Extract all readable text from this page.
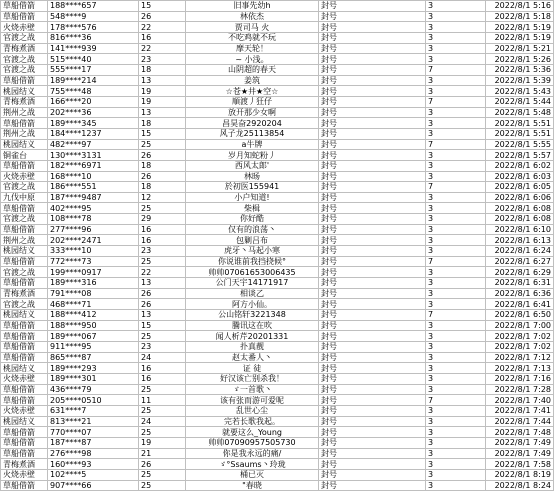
草船借箭	188****657	15	旧事先幼h	封号	3	2022/8/1 5:16
草船借箭	548****9	26	林依杰	封号	3	2022/8/1 5:18
火烧赤壁	178****576	22	贾司马 火	封号	3	2022/8/1 5:19
官渡之战	816****36	16	不吃鸡就不玩	封号	3	2022/8/1 5:19
青梅煮酒	141****939	22	摩天轮！	封号	3	2022/8/1 5:21
官渡之战	515****40	23	~ 小浅。	封号	3	2022/8/1 5:26
官渡之战	555****17	18	山阴超的春天	封号	7	2022/8/1 5:36
草船借箭	189****214	13	姜筑	封号	3	2022/8/1 5:39
桃园结义	755****48	19	☆苍★井★空☆	封号	3	2022/8/1 5:43
青梅煮酒	166****20	19	順渡丿狂仔	封号	7	2022/8/1 5:44
荆州之战	202****36	13	放开那少女啊	封号	3	2022/8/1 5:48
草船借箭	189****345	18	昌昊奋2920204	封号	3	2022/8/1 5:51
荆州之战	184****1237	15	风子龙25113854	封号	3	2022/8/1 5:51
桃园结义	482****97	25	a牛牌	封号	7	2022/8/1 5:55
铜雀台	130****3131	26	岁月知蛇粉丿	封号	3	2022/8/1 5:57
草船借箭	182****6971	18	西风太郎'	封号	3	2022/8/1 6:02
火烧赤壁	168****10	26	林旸	封号	3	2022/8/1 6:03
官渡之战	186****551	18	於初医155941	封号	7	2022/8/1 6:05
九伐中原	187****9487	12	小户知道!	封号	3	2022/8/1 6:06
草船借箭	402****95	25	柴楫	封号	3	2022/8/1 6:08
官渡之战	108****78	29	你好酷	封号	3	2022/8/1 6:08
草船借箭	277****96	16	仅有的浪荡丶	封号	3	2022/8/1 6:10
荆州之战	202****2471	16	包剿吕布	封号	3	2022/8/1 6:13
桃园结义	333****10	23	虎牙丶马起小寒	封号	3	2022/8/1 6:24
草船借箭	772****73	25	你说谁前我挡挠候°	封号	7	2022/8/1 6:27
官渡之战	199****0917	22	帅帅07061653006435	封号	3	2022/8/1 6:29
草船借箭	189****316	13	公门天宇14171917	封号	3	2022/8/1 6:31
青梅煮酒	791****08	26	相谈乙	封号	3	2022/8/1 6:36
官渡之战	468****71	26	阿方小仙。	封号	3	2022/8/1 6:41
桃园结义	188****412	13	公山铭轩3221348	封号	7	2022/8/1 6:50
草船借箭	188****950	15	騰讯这在吹	封号	3	2022/8/1 7:00
草船借箭	189****067	25	闻人析芹20201331	封号	3	2022/8/1 7:02
草船借箭	911****95	23	扑真靓	封号	3	2022/8/1 7:02
草船借箭	865****87	24	赵太番人丶	封号	3	2022/8/1 7:12
桃园结义	189****293	16	证 徒	封号	3	2022/8/1 7:13
火烧赤壁	189****301	16	好汉该亡别杀我！	封号	3	2022/8/1 7:16
草船借箭	436****79	25	ゞ一首歌丶	封号	3	2022/8/1 7:28
草船借箭	205****0510	11	该有张而游可爱呢	封号	7	2022/8/1 7:40
火烧赤壁	631****7	25	乱世心尘	封号	3	2022/8/1 7:41
桃园结义	813****21	24	完若长歌我起。	封号	3	2022/8/1 7:44
草船借箭	770****07	25	就要这么_Young	封号	3	2022/8/1 7:48
草船借箭	187****87	19	帅帅07090957505730	封号	3	2022/8/1 7:49
草船借箭	276****98	21	你是我永远的痛/	封号	3	2022/8/1 7:49
青梅煮酒	160****93	26	ゞ°Ssaums丶玲珑	封号	3	2022/8/1 7:58
火烧赤壁	102****5	25	桶已灭	封号	3	2022/8/1 8:19
草船借箭	907****66	25	"春晓	封号	3	2022/8/1 8:24
